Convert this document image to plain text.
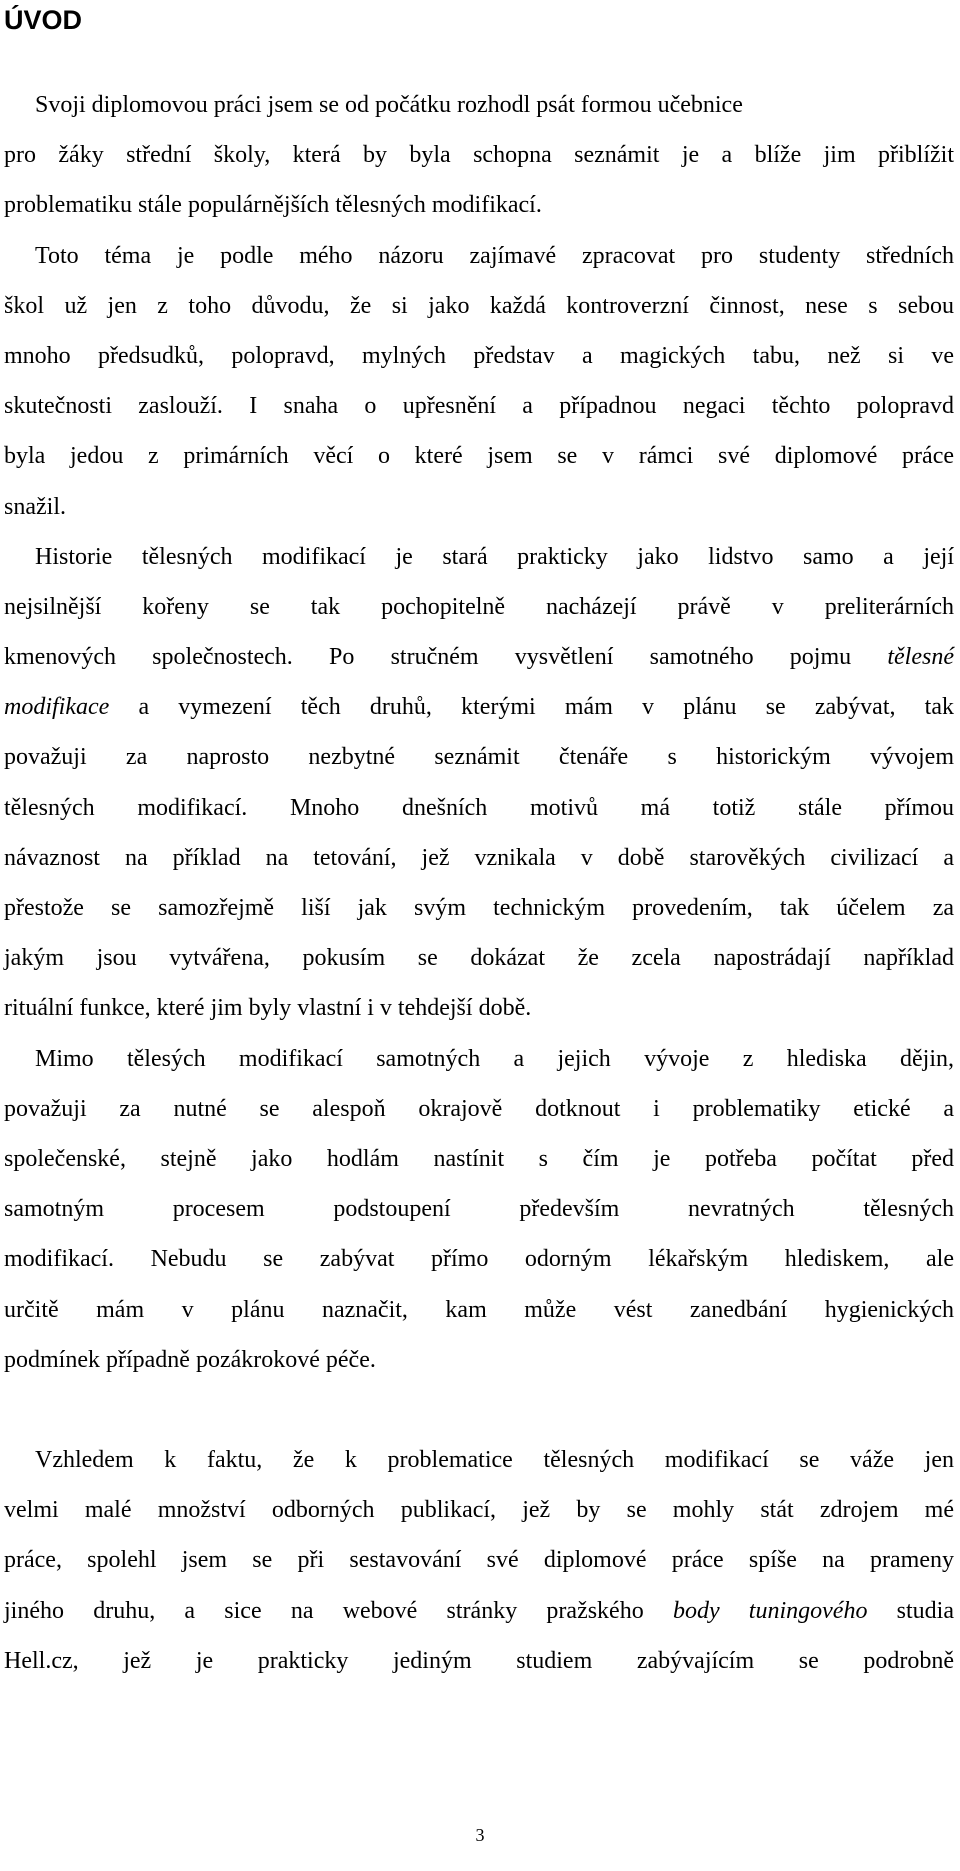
ÚVOD
Svoji diplomovou práci jsem se od počátku rozhodl psát formou učebnice
pro žáky střední školy, která by byla schopna seznámit je a blíže jim přiblížit
problematiku stále populárnějších tělesných modifikací.
Toto téma je podle mého názoru zajímavé zpracovat pro studenty středních
škol už jen z toho důvodu, že si jako každá kontroverzní činnost, nese s sebou
mnoho předsudků, polopravd, mylných představ a magických tabu, než si ve
skutečnosti zaslouží. I snaha o upřesnění a případnou negaci těchto polopravd
byla jedou z primárních věcí o které jsem se v rámci své diplomové práce
snažil.
Historie tělesných modifikací je stará prakticky jako lidstvo samo a její
nejsilnější kořeny se tak pochopitelně nacházejí právě v preliterárních
kmenových společnostech. Po stručném vysvětlení samotného pojmu tělesné
modifikace a vymezení těch druhů, kterými mám v plánu se zabývat, tak
považuji za naprosto nezbytné seznámit čtenáře s historickým vývojem
tělesných modifikací. Mnoho dnešních motivů má totiž stále přímou
návaznost na příklad na tetování, jež vznikala v době starověkých civilizací a
přestože se samozřejmě liší jak svým technickým provedením, tak účelem za
jakým jsou vytvářena, pokusím se dokázat že zcela napostrádají například
rituální funkce, které jim byly vlastní i v tehdejší době.
Mimo tělesých modifikací samotných a jejich vývoje z hlediska dějin,
považuji za nutné se alespoň okrajově dotknout i problematiky etické a
společenské, stejně jako hodlám nastínit s čím je potřeba počítat před
samotným procesem podstoupení především nevratných tělesných
modifikací. Nebudu se zabývat přímo odorným lékařským hlediskem, ale
určitě mám v plánu naznačit, kam může vést zanedbání hygienických
podmínek případně pozákrokové péče.
Vzhledem k faktu, že k problematice tělesných modifikací se váže jen
velmi malé množství odborných publikací, jež by se mohly stát zdrojem mé
práce, spolehl jsem se při sestavování své diplomové práce spíše na prameny
jiného druhu, a sice na webové stránky pražského body tuningového studia
Hell.cz, jež je prakticky jediným studiem zabývajícím se podrobně
3
